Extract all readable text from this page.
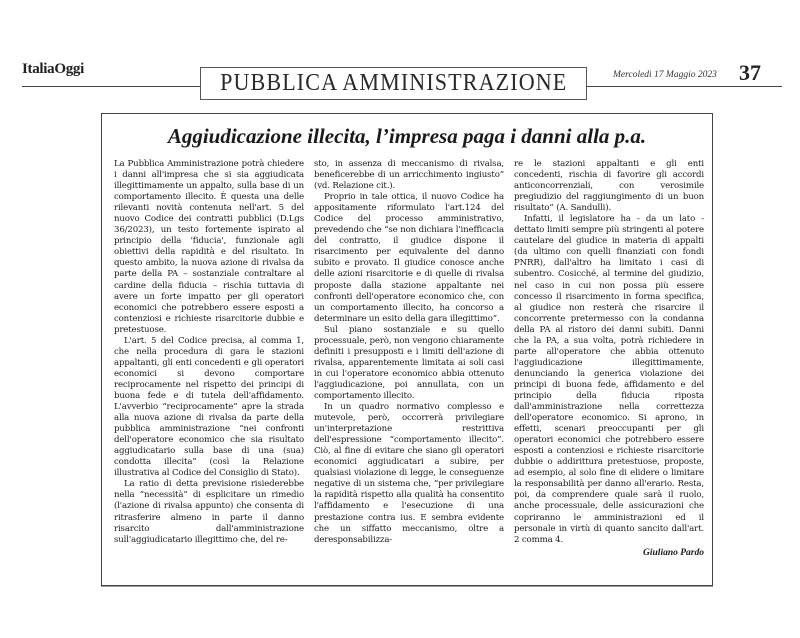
ItaliaOggi
PUBBLICA AMMINISTRAZIONE	Mercoledì 17 Maggio 2023 37
Aggiudicazione illecita, l’impresa paga i danni alla p.a.

La Pubblica Amministrazione potrà chiedere i danni all'impresa che si sia aggiudicata illegittimamente un appalto, sulla base di un comportamento illecito. È questa una delle rilevanti novità contenuta nell'art. 5 del nuovo Codice dei contratti pubblici (D.Lgs 36/2023), un testo fortemente ispirato al principio della 'fiducia', funzionale agli obiettivi della rapidità e del risultato. In questo ambito, la nuova azione di rivalsa da parte della PA – sostanziale contraltare al cardine della fiducia – rischia tuttavia di avere un forte impatto per gli operatori economici che potrebbero essere esposti a contenziosi e richieste risarcitorie dubbie e pretestuose.

L'art. 5 del Codice precisa, al comma 1, che nella procedura di gara le stazioni appaltanti, gli enti concedenti e gli operatori economici si devono comportare reciprocamente nel rispetto dei principi di buona fede e di tutela dell'affidamento. L'avverbio “reciprocamente” apre la strada alla nuova azione di rivalsa da parte della pubblica amministrazione “nei confronti dell'operatore economico che sia risultato aggiudicatario sulla base di una (sua) condotta illecita” (così la Relazione illustrativa al Codice del Consiglio di Stato).

La ratio di detta previsione risiederebbe nella “necessità” di esplicitare un rimedio (l'azione di rivalsa appunto) che consenta di ritrasferire almeno in parte il danno risarcito dall'amministrazione sull'aggiudicatario illegittimo che, del re-

sto, in assenza di meccanismo di rivalsa, beneficerebbe di un arricchimento ingiusto” (vd. Relazione cit.).

Proprio in tale ottica, il nuovo Codice ha appositamente riformulato l'art.124 del Codice del processo amministrativo, prevedendo che “se non dichiara l'inefficacia del contratto, il giudice dispone il risarcimento per equivalente del danno subito e provato. Il giudice conosce anche delle azioni risarcitorie e di quelle di rivalsa proposte dalla stazione appaltante nei confronti dell'operatore economico che, con un comportamento illecito, ha concorso a determinare un esito della gara illegittimo”.

Sul piano sostanziale e su quello processuale, però, non vengono chiaramente definiti i presupposti e i limiti dell'azione di rivalsa, apparentemente limitata ai soli casi in cui l'operatore economico abbia ottenuto l'aggiudicazione, poi annullata, con un comportamento illecito.

In un quadro normativo complesso e mutevole, però, occorrerà privilegiare un'interpretazione restrittiva dell'espressione “comportamento illecito”. Ciò, al fine di evitare che siano gli operatori economici aggiudicatari a subire, per qualsiasi violazione di legge, le conseguenze negative di un sistema che, “per privilegiare la rapidità rispetto alla qualità ha consentito l'affidamento e l'esecuzione di una prestazione contra ius. E sembra evidente che un siffatto meccanismo, oltre a deresponsabilizza-

re le stazioni appaltanti e gli enti concedenti, rischia di favorire gli accordi anticoncorrenziali, con verosimile pregiudizio del raggiungimento di un buon risultato” (A. Sandulli).

Infatti, il legislatore ha - da un lato - dettato limiti sempre più stringenti al potere cautelare del giudice in materia di appalti (da ultimo con quelli finanziati con fondi PNRR), dall'altro ha limitato i casi di subentro. Cosicché, al termine del giudizio, nel caso in cui non possa più essere concesso il risarcimento in forma specifica, al giudice non resterà che risarcire il concorrente pretermesso con la condanna della PA al ristoro dei danni subiti. Danni che la PA, a sua volta, potrà richiedere in parte all'operatore che abbia ottenuto l'aggiudicazione illegittimamente, denunciando la generica violazione dei principi di buona fede, affidamento e del principio della fiducia riposta dall'amministrazione nella correttezza dell'operatore economico. Si aprono, in effetti, scenari preoccupanti per gli operatori economici che potrebbero essere esposti a contenziosi e richieste risarcitorie dubbie o addirittura pretestuose, proposte, ad esempio, al solo fine di elidere o limitare la responsabilità per danno all'erario. Resta, poi, da comprendere quale sarà il ruolo, anche processuale, delle assicurazioni che copriranno le amministrazioni ed il personale in virtù di quanto sancito dall'art. 2 comma 4.

Giuliano Pardo
